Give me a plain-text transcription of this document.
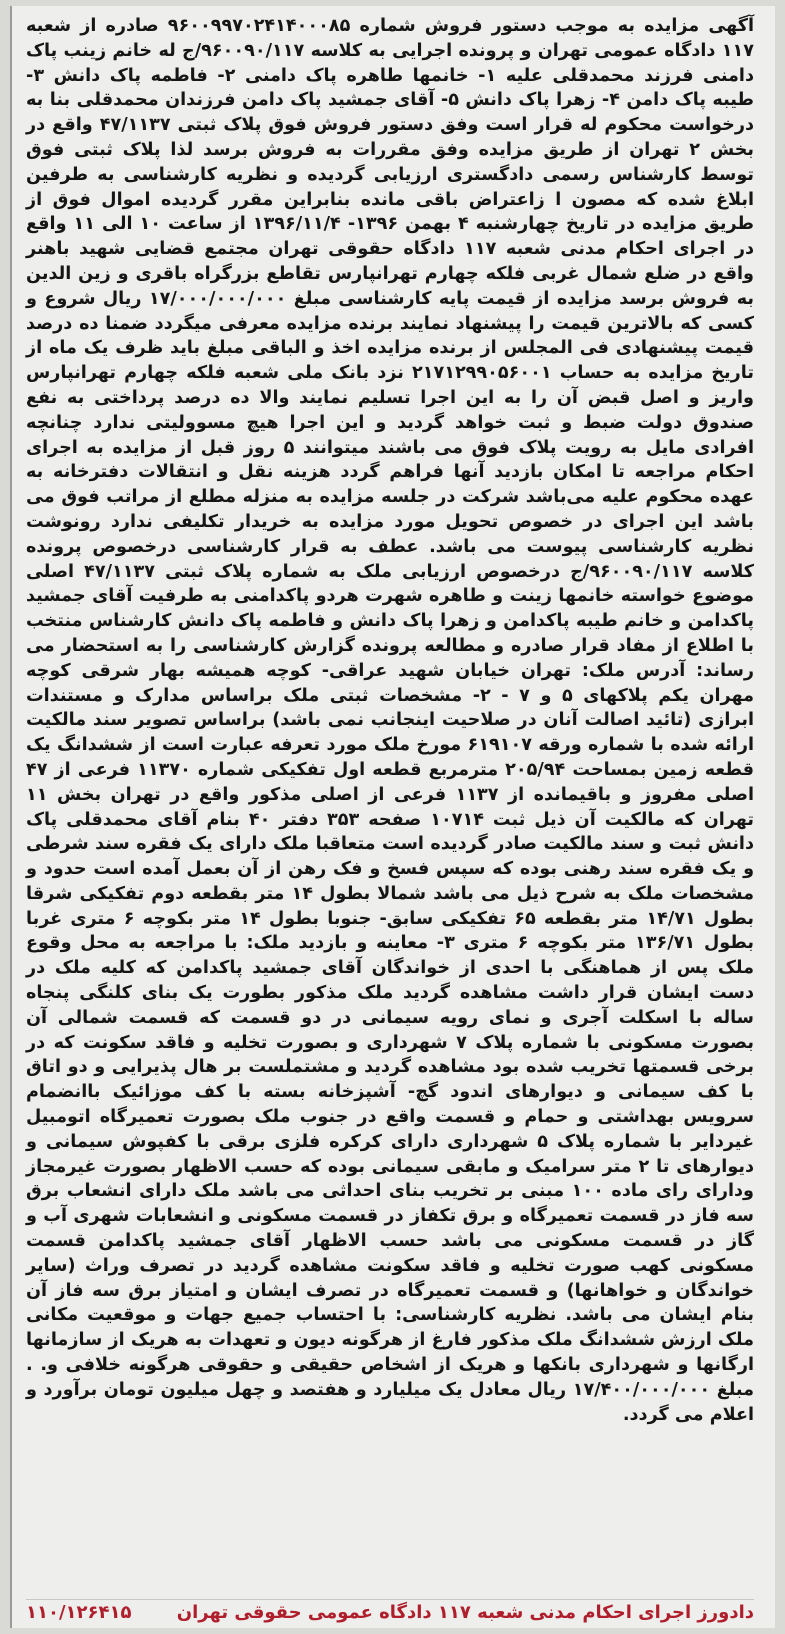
آگهی مزایده به موجب دستور فروش شماره ۹۶۰۰۹۹۷۰۲۴۱۴۰۰۰۸۵ صادره از شعبه ۱۱۷ دادگاه عمومی تهران و پرونده اجرایی به کلاسه ۹۶۰۰۹۰/۱۱۷/ج له خانم زینب پاک دامنی فرزند محمدقلی علیه ۱- خانمها طاهره پاک دامنی ۲- فاطمه پاک دانش ۳- طیبه پاک دامن ۴- زهرا پاک دانش ۵- آقای جمشید پاک دامن فرزندان محمدقلی بنا به درخواست محکوم له قرار است وفق دستور فروش فوق پلاک ثبتی ۴۷/۱۱۳۷ واقع در بخش ۲ تهران از طریق مزایده وفق مقررات به فروش برسد لذا پلاک ثبتی فوق توسط کارشناس رسمی دادگستری ارزیابی گردیده و نظریه کارشناسی به طرفین ابلاغ شده که مصون ا زاعتراض باقی مانده بنابراین مقرر گردیده اموال فوق از طریق مزایده در تاریخ چهارشنبه ۴ بهمن ۱۳۹۶- ۱۳۹۶/۱۱/۴ از ساعت ۱۰ الی ۱۱ واقع در اجرای احکام مدنی شعبه ۱۱۷ دادگاه حقوقی تهران مجتمع قضایی شهید باهنر واقع در ضلع شمال غربی فلکه چهارم تهرانپارس تقاطع بزرگراه باقری و زین الدین به فروش برسد مزایده از قیمت پایه کارشناسی مبلغ ۱۷/۰۰۰/۰۰۰/۰۰۰ ریال شروع و کسی که بالاترین قیمت را پیشنهاد نمایند برنده مزایده معرفی میگردد ضمنا ده درصد قیمت پیشنهادی فی المجلس از برنده مزایده اخذ و الباقی مبلغ باید ظرف یک ماه از تاریخ مزایده به حساب ۲۱۷۱۲۹۹۰۵۶۰۰۱ نزد بانک ملی شعبه فلکه چهارم تهرانپارس واریز و اصل قبض آن را به این اجرا تسلیم نمایند والا ده درصد پرداختی به نفع صندوق دولت ضبط و ثبت خواهد گردید و این اجرا هیچ مسوولیتی ندارد چنانچه افرادی مایل به رویت پلاک فوق می باشند میتوانند ۵ روز قبل از مزایده به اجرای احکام مراجعه تا امکان بازدید آنها فراهم گردد هزینه نقل و انتقالات دفترخانه به عهده محکوم علیه می‌باشد شرکت در جلسه مزایده به منزله مطلع از مراتب فوق می باشد این اجرای در خصوص تحویل مورد مزایده به خریدار تکلیفی ندارد رونوشت نظریه کارشناسی پیوست می باشد. عطف به قرار کارشناسی درخصوص پرونده کلاسه ۹۶۰۰۹۰/۱۱۷/ج درخصوص ارزیابی ملک به شماره پلاک ثبتی ۴۷/۱۱۳۷ اصلی موضوع خواسته خانمها زینت و طاهره شهرت هردو پاکدامنی به طرفیت آقای جمشید پاکدامن و خانم طیبه پاکدامن و زهرا پاک دانش و فاطمه پاک دانش کارشناس منتخب با اطلاع از مفاد قرار صادره و مطالعه پرونده گزارش کارشناسی را به استحضار می رساند: آدرس ملک: تهران خیابان شهید عراقی- کوچه همیشه بهار شرقی کوچه مهران یکم پلاکهای ۵ و ۷ - ۲- مشخصات ثبتی ملک براساس مدارک و مستندات ابرازی (تائید اصالت آنان در صلاحیت اینجانب نمی باشد) براساس تصویر سند مالکیت ارائه شده با شماره ورقه ۶۱۹۱۰۷ مورخ ملک مورد تعرفه عبارت است از ششدانگ یک قطعه زمین بمساحت ۲۰۵/۹۴ مترمربع قطعه اول تفکیکی شماره ۱۱۳۷۰ فرعی از ۴۷ اصلی مفروز و باقیمانده از ۱۱۳۷ فرعی از اصلی مذکور واقع در تهران بخش ۱۱ تهران که مالکیت آن ذیل ثبت ۱۰۷۱۴ صفحه ۳۵۳ دفتر ۴۰ بنام آقای محمدقلی پاک دانش ثبت و سند مالکیت صادر گردیده است متعاقبا ملک دارای یک فقره سند شرطی و یک فقره سند رهنی بوده که سپس فسخ و فک رهن از آن بعمل آمده است حدود و مشخصات ملک به شرح ذیل می باشد شمالا بطول ۱۴ متر بقطعه دوم تفکیکی شرقا بطول ۱۴/۷۱ متر بقطعه ۶۵ تفکیکی سابق- جنوبا بطول ۱۴ متر بکوچه ۶ متری غربا بطول ۱۳۶/۷۱ متر بکوچه ۶ متری ۳- معاینه و بازدید ملک: با مراجعه به محل وقوع ملک پس از هماهنگی با احدی از خواندگان آقای جمشید پاکدامن که کلیه ملک در دست ایشان قرار داشت مشاهده گردید ملک مذکور بطورت یک بنای کلنگی پنجاه ساله با اسکلت آجری و نمای رویه سیمانی در دو قسمت که قسمت شمالی آن بصورت مسکونی با شماره پلاک ۷ شهرداری و بصورت تخلیه و فاقد سکونت که در برخی قسمتها تخریب شده بود مشاهده گردید و مشتملست بر هال پذیرایی و دو اتاق با کف سیمانی و دیوارهای اندود گچ- آشپزخانه بسته با کف موزائیک باانضمام سرویس بهداشتی و حمام و قسمت واقع در جنوب ملک بصورت تعمیرگاه اتومبیل غیردایر با شماره پلاک ۵ شهرداری دارای کرکره فلزی برقی با کفپوش سیمانی و دیوارهای تا ۲ متر سرامیک و مابقی سیمانی بوده که حسب الاظهار بصورت غیرمجاز ودارای رای ماده ۱۰۰ مبنی بر تخریب بنای احداثی می باشد ملک دارای انشعاب برق سه فاز در قسمت تعمیرگاه و برق تکفاز در قسمت مسکونی و انشعابات شهری آب و گاز در قسمت مسکونی می باشد حسب الاظهار آقای جمشید پاکدامن قسمت مسکونی کهب صورت تخلیه و فاقد سکونت مشاهده گردید در تصرف وراث (سایر خواندگان و خواهانها) و قسمت تعمیرگاه در تصرف ایشان و امتیاز برق سه فاز آن بنام ایشان می باشد. نظریه کارشناسی: با احتساب جمیع جهات و موقعیت مکانی ملک ارزش ششدانگ ملک مذکور فارغ از هرگونه دیون و تعهدات به هریک از سازمانها ارگانها و شهرداری بانکها و هریک از اشخاص حقیقی و حقوقی هرگونه خلافی و. . مبلغ ۱۷/۴۰۰/۰۰۰/۰۰۰ ریال معادل یک میلیارد و هفتصد و چهل میلیون تومان برآورد و اعلام می گردد.

دادورز اجرای احکام مدنی شعبه ۱۱۷ دادگاه عمومی حقوقی تهران
۱۱۰/۱۲۶۴۱۵
